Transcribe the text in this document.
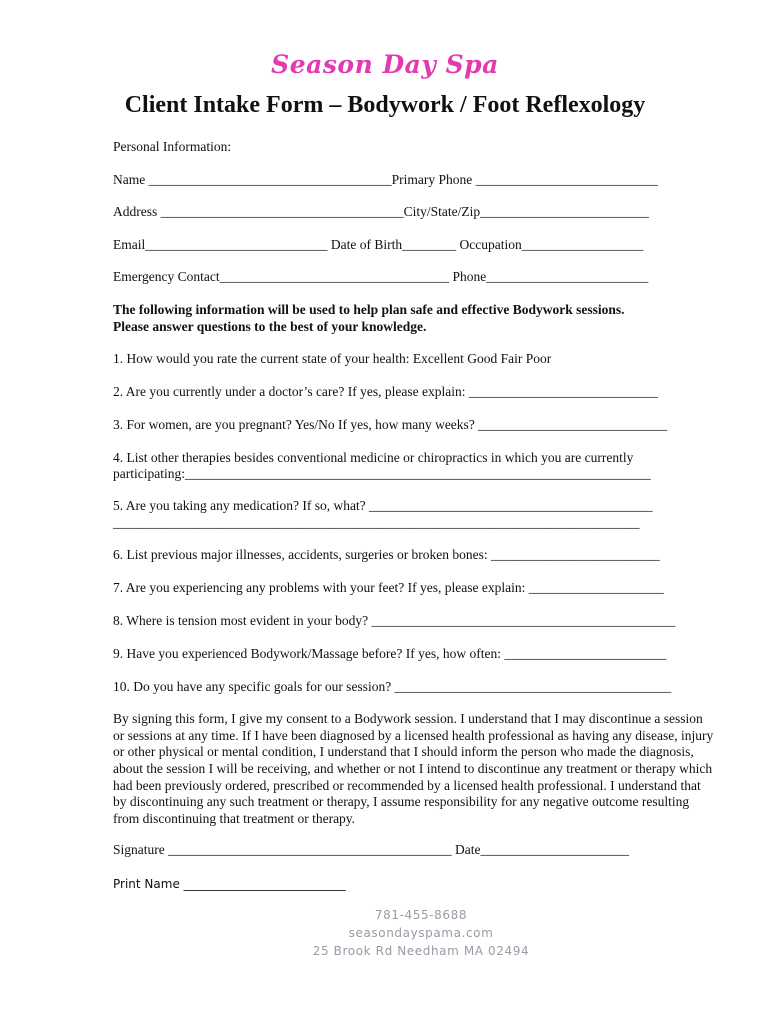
Season Day Spa
Client Intake Form – Bodywork / Foot Reflexology
Personal Information:
Name ____________________________________Primary Phone ___________________________
Address ____________________________________City/State/Zip_________________________
Email___________________________ Date of Birth________ Occupation__________________
Emergency Contact__________________________________ Phone________________________
The following information will be used to help plan safe and effective Bodywork sessions.
Please answer questions to the best of your knowledge.
1. How would you rate the current state of your health: Excellent Good Fair Poor
2. Are you currently under a doctor’s care? If yes, please explain: ____________________________
3. For women, are you pregnant? Yes/No If yes, how many weeks? ____________________________
4. List other therapies besides conventional medicine or chiropractics in which you are currently
participating:_____________________________________________________________________
5. Are you taking any medication? If so, what? __________________________________________
______________________________________________________________________________
6. List previous major illnesses, accidents, surgeries or broken bones: _________________________
7. Are you experiencing any problems with your feet? If yes, please explain: ____________________
8. Where is tension most evident in your body? _____________________________________________
9. Have you experienced Bodywork/Massage before? If yes, how often: ________________________
10. Do you have any specific goals for our session? _________________________________________
By signing this form, I give my consent to a Bodywork session. I understand that I may discontinue a session
or sessions at any time. If I have been diagnosed by a licensed health professional as having any disease, injury
or other physical or mental condition, I understand that I should inform the person who made the diagnosis,
about the session I will be receiving, and whether or not I intend to discontinue any treatment or therapy which
had been previously ordered, prescribed or recommended by a licensed health professional. I understand that
by discontinuing any such treatment or therapy, I assume responsibility for any negative outcome resulting
from discontinuing that treatment or therapy.
Signature __________________________________________ Date______________________
Print Name ___________________________
781-455-8688
seasondayspama.com
25 Brook Rd Needham MA 02494
